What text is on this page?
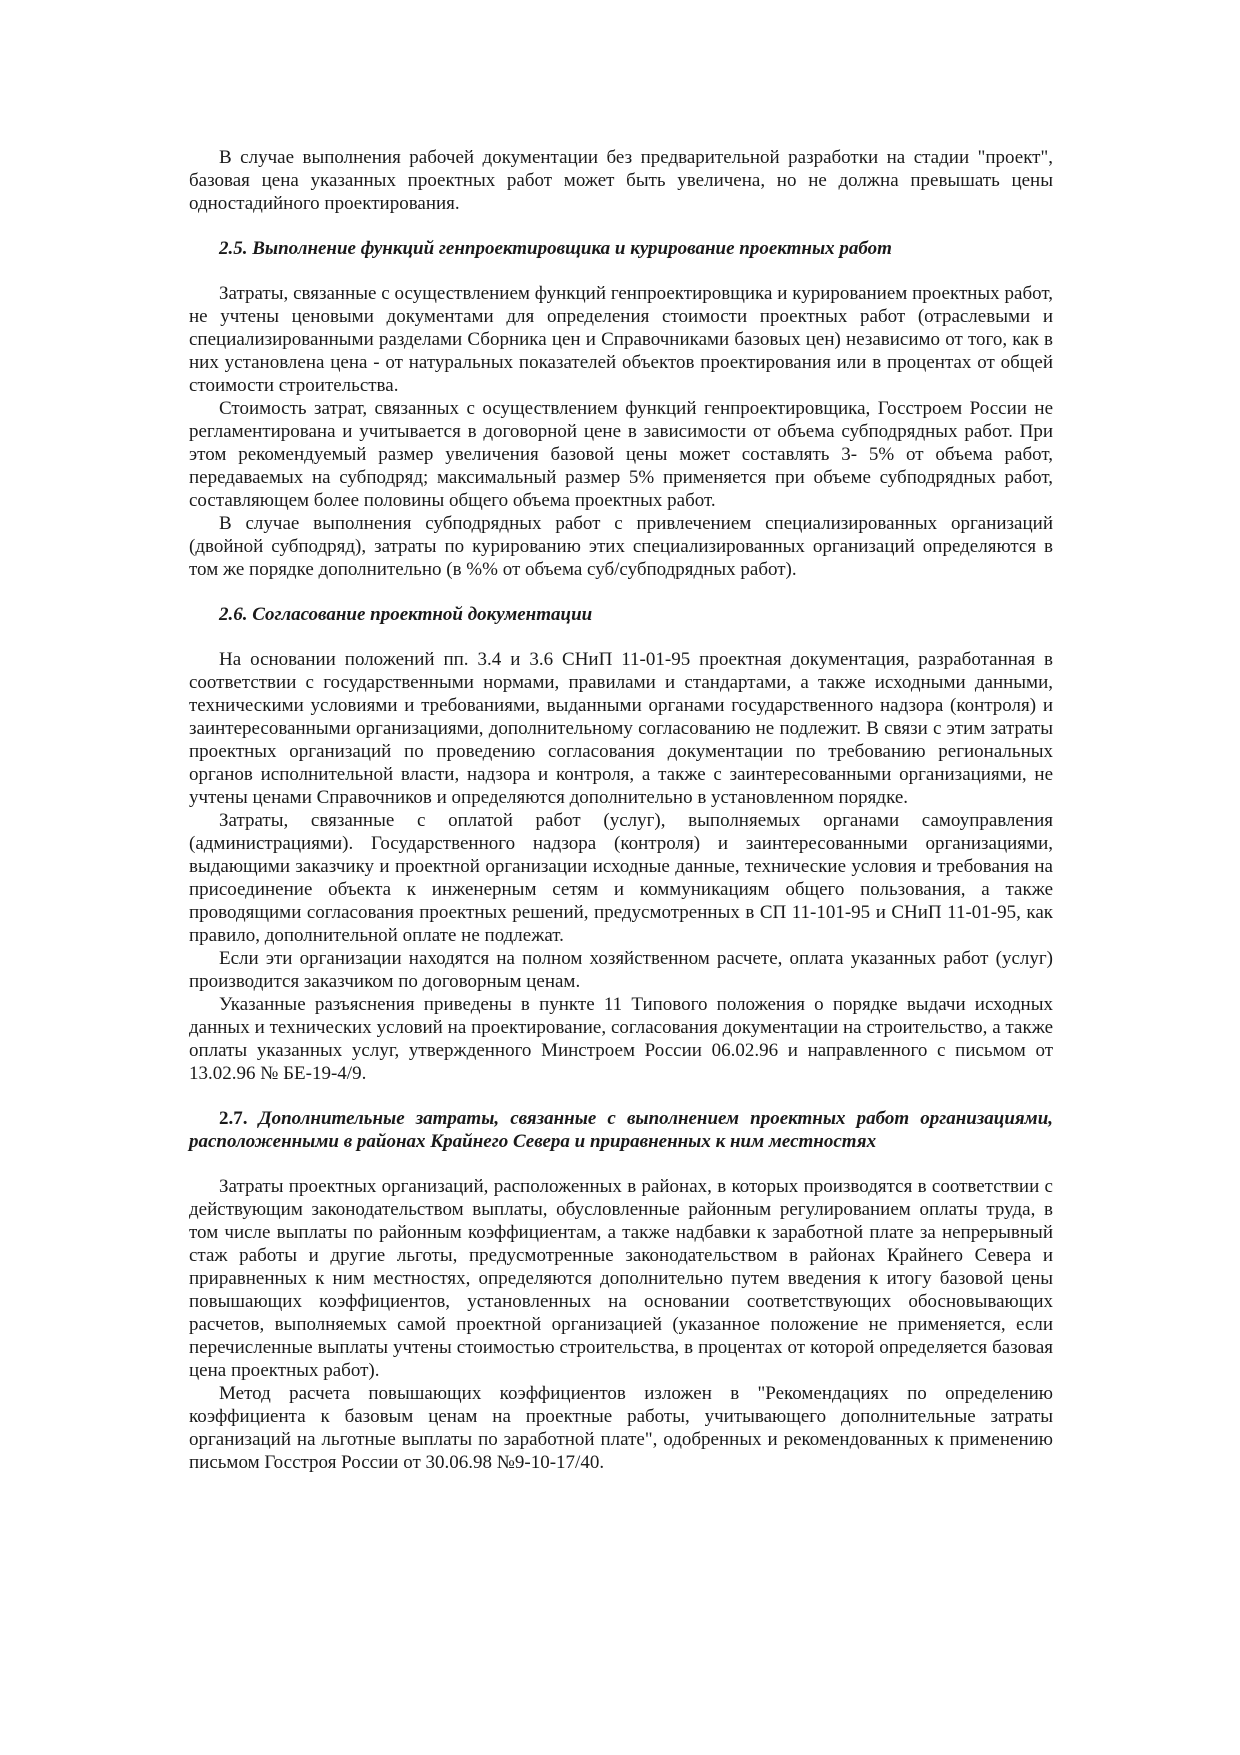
В случае выполнения рабочей документации без предварительной разработки на стадии "проект", базовая цена указанных проектных работ может быть увеличена, но не должна превышать цены одностадийного проектирования.

2.5. Выполнение функций генпроектировщика и курирование проектных работ

Затраты, связанные с осуществлением функций генпроектировщика и курированием проектных работ, не учтены ценовыми документами для определения стоимости проектных работ (отраслевыми и специализированными разделами Сборника цен и Справочниками базовых цен) независимо от того, как в них установлена цена - от натуральных показателей объектов проектирования или в процентах от общей стоимости строительства.

Стоимость затрат, связанных с осуществлением функций генпроектировщика, Госстроем России не регламентирована и учитывается в договорной цене в зависимости от объема субподрядных работ. При этом рекомендуемый размер увеличения базовой цены может составлять 3- 5% от объема работ, передаваемых на субподряд; максимальный размер 5% применяется при объеме субподрядных работ, составляющем более половины общего объема проектных работ.

В случае выполнения субподрядных работ с привлечением специализированных организаций (двойной субподряд), затраты по курированию этих специализированных организаций определяются в том же порядке дополнительно (в %% от объема суб/субподрядных работ).

2.6. Согласование проектной документации

На основании положений пп. 3.4 и 3.6 СНиП 11-01-95 проектная документация, разработанная в соответствии с государственными нормами, правилами и стандартами, а также исходными данными, техническими условиями и требованиями, выданными органами государственного надзора (контроля) и заинтересованными организациями, дополнительному согласованию не подлежит. В связи с этим затраты проектных организаций по проведению согласования документации по требованию региональных органов исполнительной власти, надзора и контроля, а также с заинтересованными организациями, не учтены ценами Справочников и определяются дополнительно в установленном порядке.

Затраты, связанные с оплатой работ (услуг), выполняемых органами самоуправления (администрациями). Государственного надзора (контроля) и заинтересованными организациями, выдающими заказчику и проектной организации исходные данные, технические условия и требования на присоединение объекта к инженерным сетям и коммуникациям общего пользования, а также проводящими согласования проектных решений, предусмотренных в СП 11-101-95 и СНиП 11-01-95, как правило, дополнительной оплате не подлежат.

Если эти организации находятся на полном хозяйственном расчете, оплата указанных работ (услуг) производится заказчиком по договорным ценам.

Указанные разъяснения приведены в пункте 11 Типового положения о порядке выдачи исходных данных и технических условий на проектирование, согласования документации на строительство, а также оплаты указанных услуг, утвержденного Минстроем России 06.02.96 и направленного с письмом от 13.02.96 № БЕ-19-4/9.

2.7. Дополнительные затраты, связанные с выполнением проектных работ организациями, расположенными в районах Крайнего Севера и приравненных к ним местностях

Затраты проектных организаций, расположенных в районах, в которых производятся в соответствии с действующим законодательством выплаты, обусловленные районным регулированием оплаты труда, в том числе выплаты по районным коэффициентам, а также надбавки к заработной плате за непрерывный стаж работы и другие льготы, предусмотренные законодательством в районах Крайнего Севера и приравненных к ним местностях, определяются дополнительно путем введения к итогу базовой цены повышающих коэффициентов, установленных на основании соответствующих обосновывающих расчетов, выполняемых самой проектной организацией (указанное положение не применяется, если перечисленные выплаты учтены стоимостью строительства, в процентах от которой определяется базовая цена проектных работ).

Метод расчета повышающих коэффициентов изложен в "Рекомендациях по определению коэффициента к базовым ценам на проектные работы, учитывающего дополнительные затраты организаций на льготные выплаты по заработной плате", одобренных и рекомендованных к применению письмом Госстроя России от 30.06.98 №9-10-17/40.
